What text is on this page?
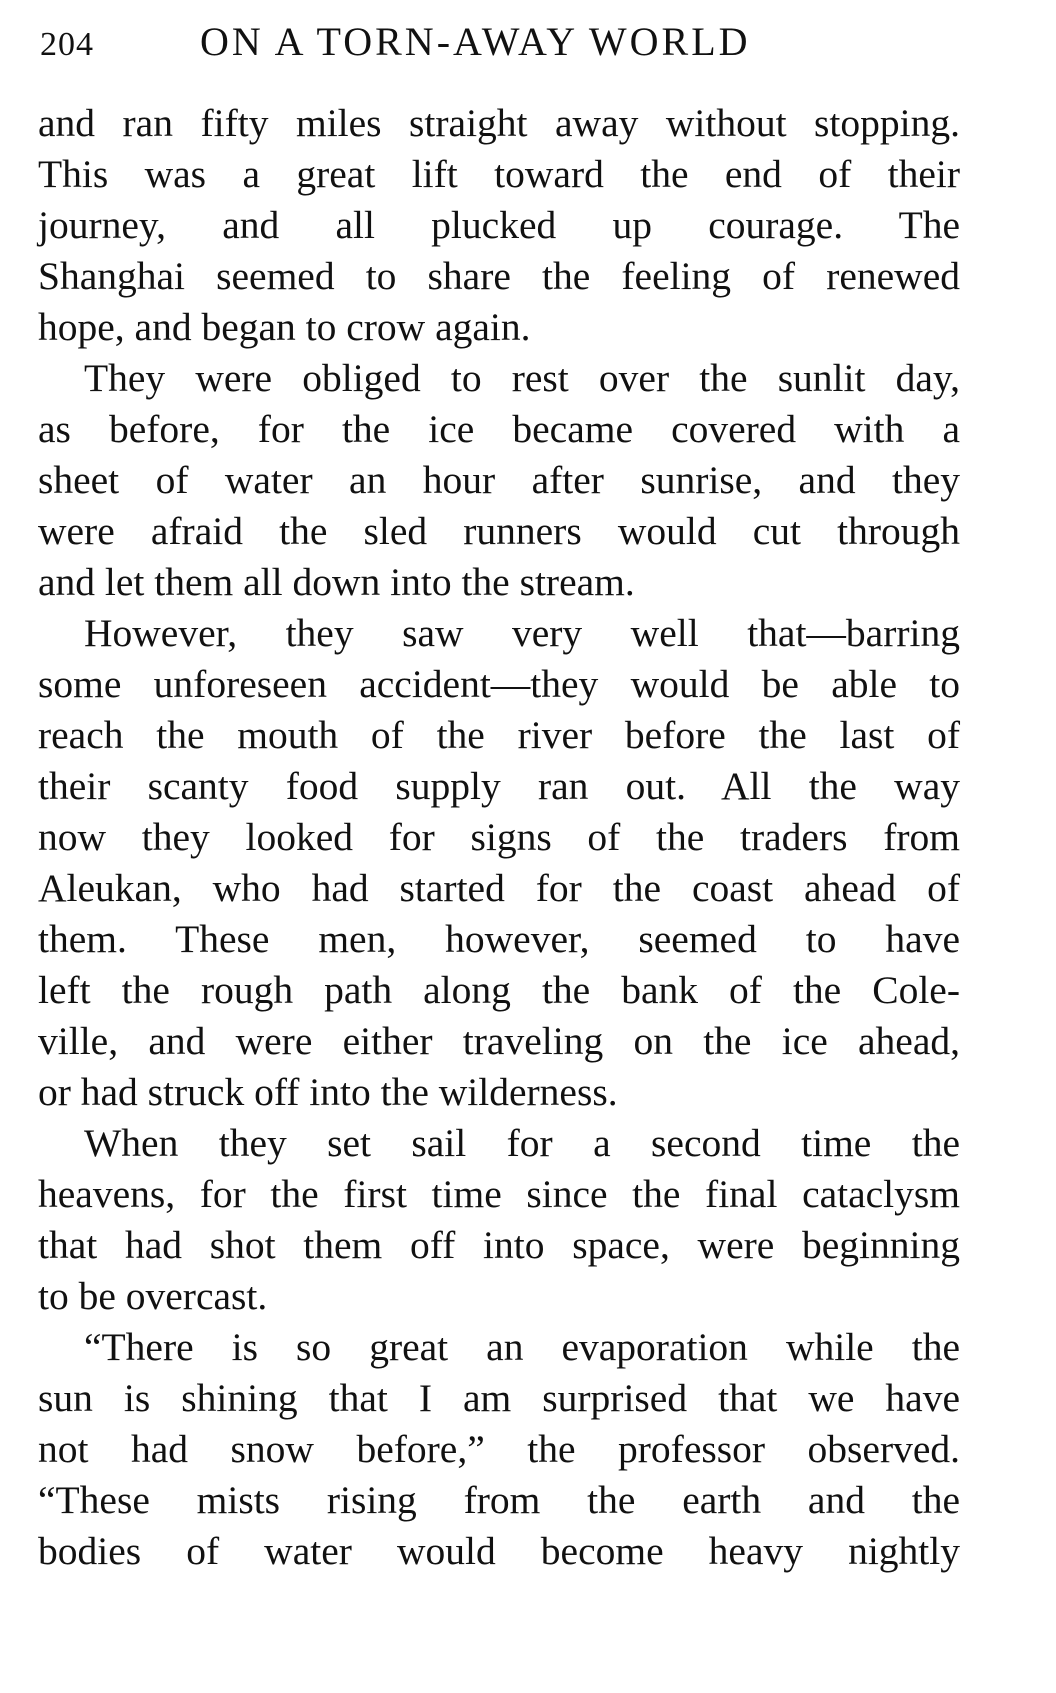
204	ON A TORN-AWAY WORLD
and ran fifty miles straight away without stopping.
This was a great lift toward the end of their
journey, and all plucked up courage. The
Shanghai seemed to share the feeling of renewed
hope, and began to crow again.
They were obliged to rest over the sunlit day,
as before, for the ice became covered with a
sheet of water an hour after sunrise, and they
were afraid the sled runners would cut through
and let them all down into the stream.
However, they saw very well that—barring
some unforeseen accident—they would be able to
reach the mouth of the river before the last of
their scanty food supply ran out. All the way
now they looked for signs of the traders from
Aleukan, who had started for the coast ahead of
them. These men, however, seemed to have
left the rough path along the bank of the Cole-
ville, and were either traveling on the ice ahead,
or had struck off into the wilderness.
When they set sail for a second time the
heavens, for the first time since the final cataclysm
that had shot them off into space, were beginning
to be overcast.
“There is so great an evaporation while the
sun is shining that I am surprised that we have
not had snow before,” the professor observed.
“These mists rising from the earth and the
bodies of water would become heavy nightly
